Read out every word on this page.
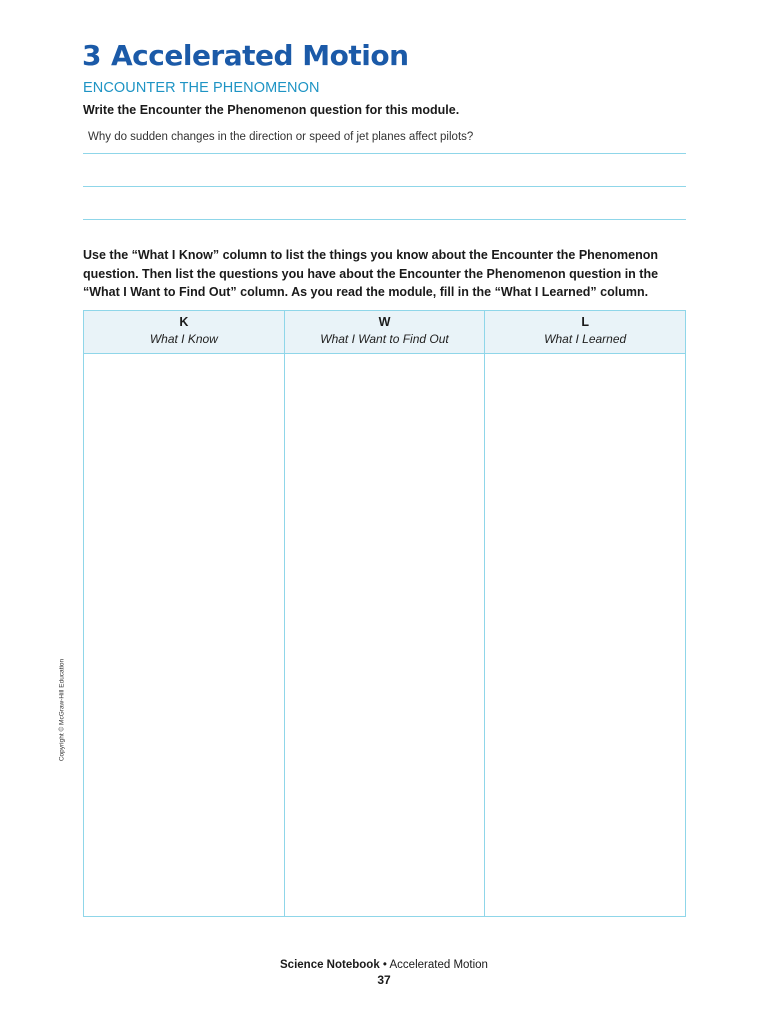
3 Accelerated Motion
ENCOUNTER THE PHENOMENON
Write the Encounter the Phenomenon question for this module.
Why do sudden changes in the direction or speed of jet planes affect pilots?
Use the “What I Know” column to list the things you know about the Encounter the Phenomenon question. Then list the questions you have about the Encounter the Phenomenon question in the “What I Want to Find Out” column. As you read the module, fill in the “What I Learned” column.
K
What I Know
W
What I Want to Find Out
L
What I Learned
Copyright © McGraw-Hill Education
Science Notebook • Accelerated Motion
37
